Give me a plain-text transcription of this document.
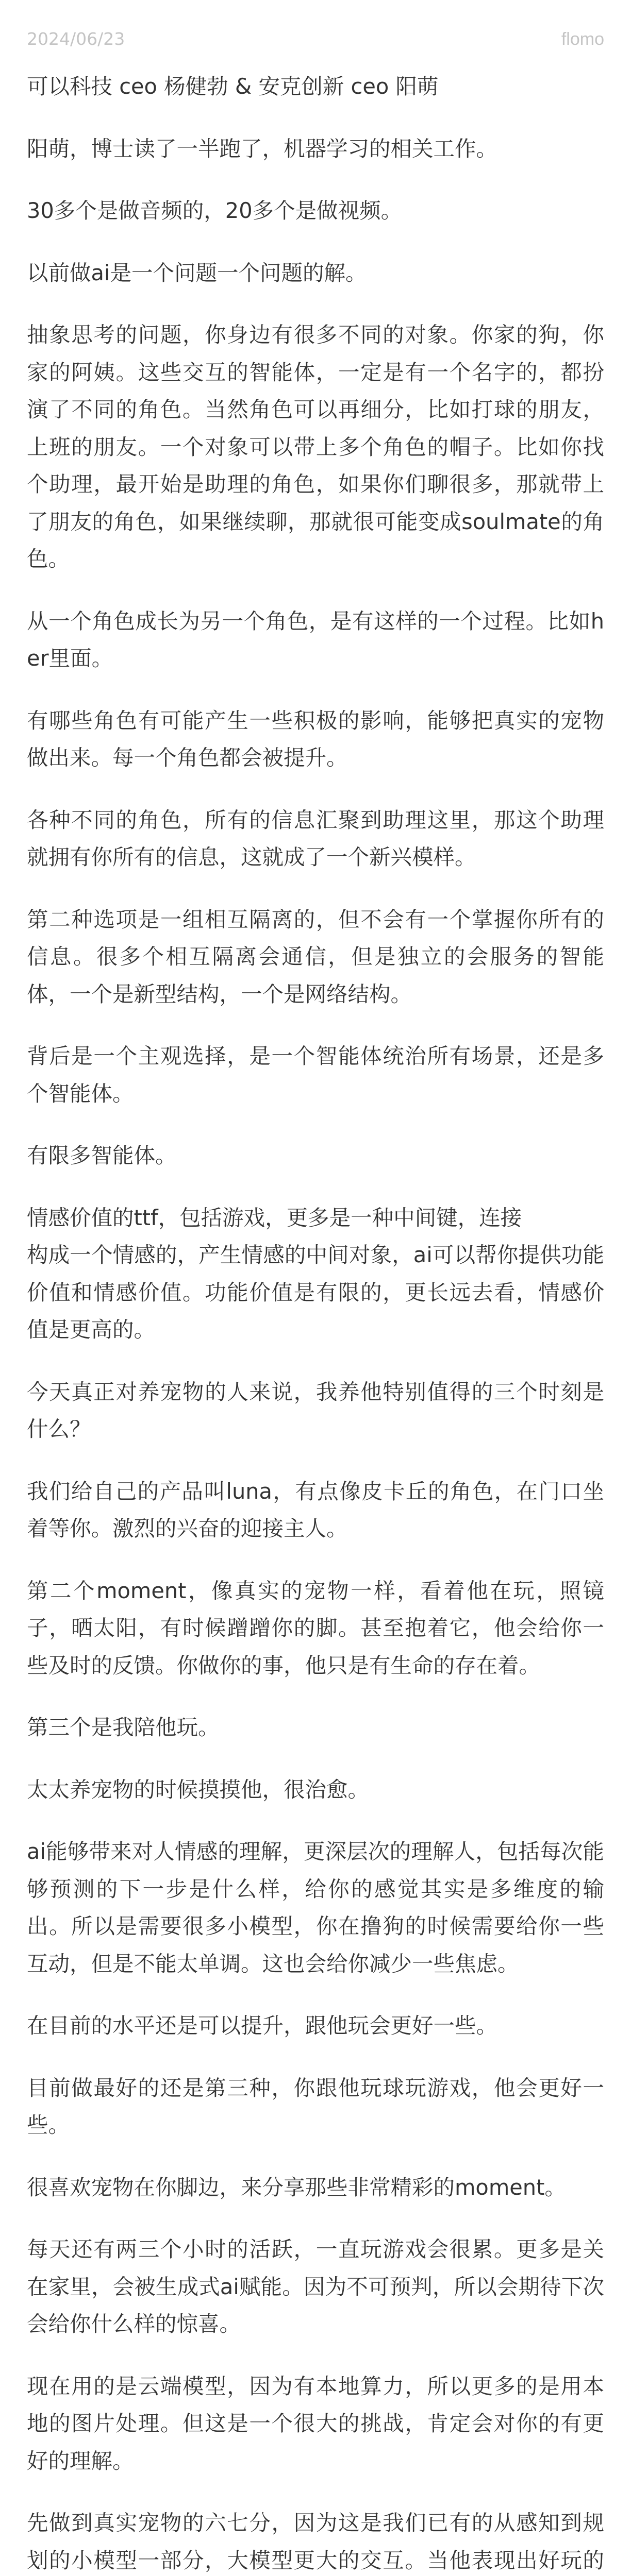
2024/06/23	flomo

可以科技 ceo 杨健勃 & 安克创新 ceo 阳萌

阳萌，博士读了一半跑了，机器学习的相关工作。

30多个是做音频的，20多个是做视频。

以前做ai是一个问题一个问题的解。

抽象思考的问题，你身边有很多不同的对象。你家的狗，你家的阿姨。这些交互的智能体，一定是有一个名字的，都扮演了不同的角色。当然角色可以再细分，比如打球的朋友，上班的朋友。一个对象可以带上多个角色的帽子。比如你找个助理，最开始是助理的角色，如果你们聊很多，那就带上了朋友的角色，如果继续聊，那就很可能变成soulmate的角色。

从一个角色成长为另一个角色，是有这样的一个过程。比如her里面。

有哪些角色有可能产生一些积极的影响，能够把真实的宠物做出来。每一个角色都会被提升。

各种不同的角色，所有的信息汇聚到助理这里，那这个助理就拥有你所有的信息，这就成了一个新兴模样。

第二种选项是一组相互隔离的，但不会有一个掌握你所有的信息。很多个相互隔离会通信，但是独立的会服务的智能体，一个是新型结构，一个是网络结构。

背后是一个主观选择，是一个智能体统治所有场景，还是多个智能体。

有限多智能体。

情感价值的ttf，包括游戏，更多是一种中间键，连接

构成一个情感的，产生情感的中间对象，ai可以帮你提供功能价值和情感价值。功能价值是有限的，更长远去看，情感价值是更高的。

今天真正对养宠物的人来说，我养他特别值得的三个时刻是什么？

我们给自己的产品叫luna，有点像皮卡丘的角色，在门口坐着等你。激烈的兴奋的迎接主人。

第二个moment，像真实的宠物一样，看着他在玩，照镜子，晒太阳，有时候蹭蹭你的脚。甚至抱着它，他会给你一些及时的反馈。你做你的事，他只是有生命的存在着。

第三个是我陪他玩。

太太养宠物的时候摸摸他，很治愈。

ai能够带来对人情感的理解，更深层次的理解人，包括每次能够预测的下一步是什么样，给你的感觉其实是多维度的输出。所以是需要很多小模型，你在撸狗的时候需要给你一些互动，但是不能太单调。这也会给你减少一些焦虑。

在目前的水平还是可以提升，跟他玩会更好一些。

目前做最好的还是第三种，你跟他玩球玩游戏，他会更好一些。

很喜欢宠物在你脚边，来分享那些非常精彩的moment。

每天还有两三个小时的活跃，一直玩游戏会很累。更多是关在家里，会被生成式ai赋能。因为不可预判，所以会期待下次会给你什么样的惊喜。

现在用的是云端模型，因为有本地算力，所以更多的是用本地的图片处理。但这是一个很大的挑战，肯定会对你的有更好的理解。

先做到真实宠物的六七分，因为这是我们已有的从感知到规划的小模型一部分，大模型更大的交互。当他表现出好玩的
